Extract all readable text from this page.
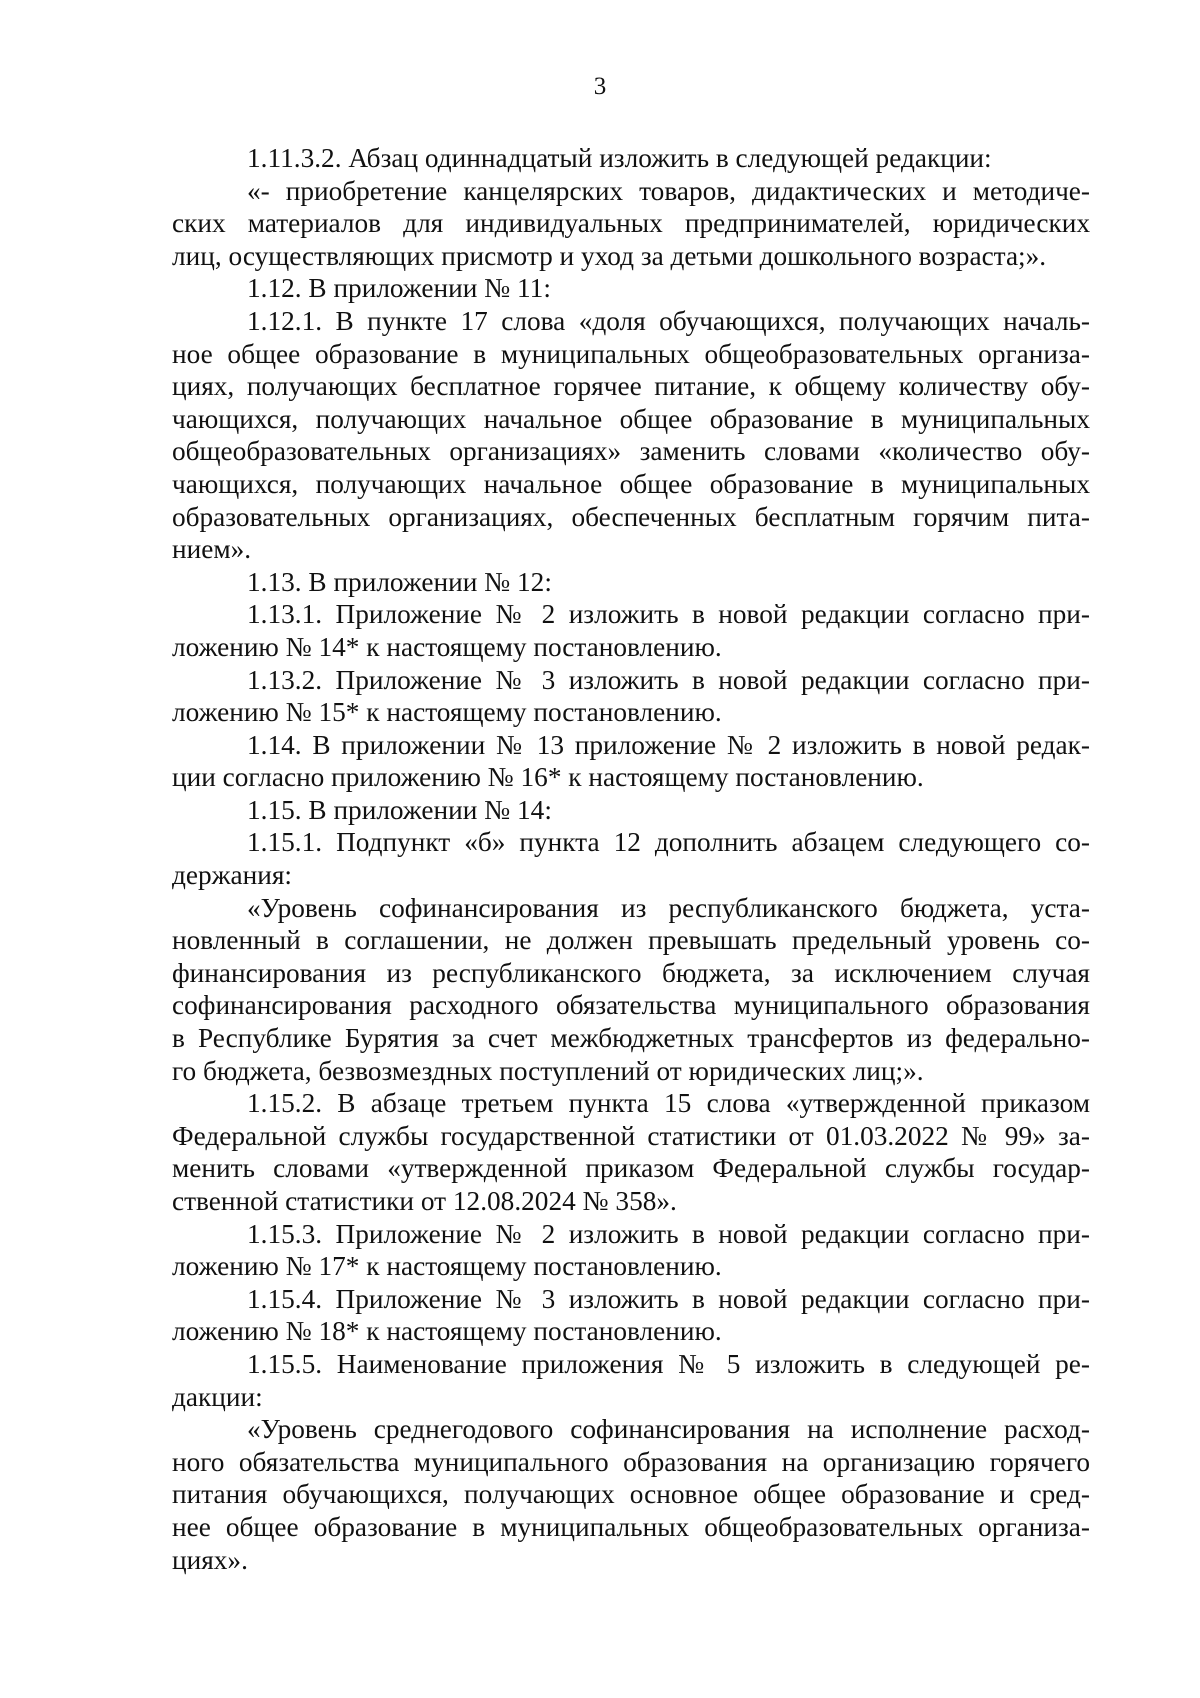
3

1.11.3.2. Абзац одиннадцатый изложить в следующей редакции:

«- приобретение канцелярских товаров, дидактических и методиче-
ских материалов для индивидуальных предпринимателей, юридических
лиц, осуществляющих присмотр и уход за детьми дошкольного возраста;».

1.12. В приложении № 11:

1.12.1. В пункте 17 слова «доля обучающихся, получающих началь-
ное общее образование в муниципальных общеобразовательных организа-
циях, получающих бесплатное горячее питание, к общему количеству обу-
чающихся, получающих начальное общее образование в муниципальных
общеобразовательных организациях» заменить словами «количество обу-
чающихся, получающих начальное общее образование в муниципальных
образовательных организациях, обеспеченных бесплатным горячим пита-
нием».

1.13. В приложении № 12:

1.13.1. Приложение № 2 изложить в новой редакции согласно при-
ложению № 14* к настоящему постановлению.

1.13.2. Приложение № 3 изложить в новой редакции согласно при-
ложению № 15* к настоящему постановлению.

1.14. В приложении № 13 приложение № 2 изложить в новой редак-
ции согласно приложению № 16* к настоящему постановлению.

1.15. В приложении № 14:

1.15.1. Подпункт «б» пункта 12 дополнить абзацем следующего со-
держания:

«Уровень софинансирования из республиканского бюджета, уста-
новленный в соглашении, не должен превышать предельный уровень со-
финансирования из республиканского бюджета, за исключением случая
софинансирования расходного обязательства муниципального образования
в Республике Бурятия за счет межбюджетных трансфертов из федерально-
го бюджета, безвозмездных поступлений от юридических лиц;».

1.15.2. В абзаце третьем пункта 15 слова «утвержденной приказом
Федеральной службы государственной статистики от 01.03.2022 № 99» за-
менить словами «утвержденной приказом Федеральной службы государ-
ственной статистики от 12.08.2024 № 358».

1.15.3. Приложение № 2 изложить в новой редакции согласно при-
ложению № 17* к настоящему постановлению.

1.15.4. Приложение № 3 изложить в новой редакции согласно при-
ложению № 18* к настоящему постановлению.

1.15.5. Наименование приложения № 5 изложить в следующей ре-
дакции:

«Уровень среднегодового софинансирования на исполнение расход-
ного обязательства муниципального образования на организацию горячего
питания обучающихся, получающих основное общее образование и сред-
нее общее образование в муниципальных общеобразовательных организа-
циях».
